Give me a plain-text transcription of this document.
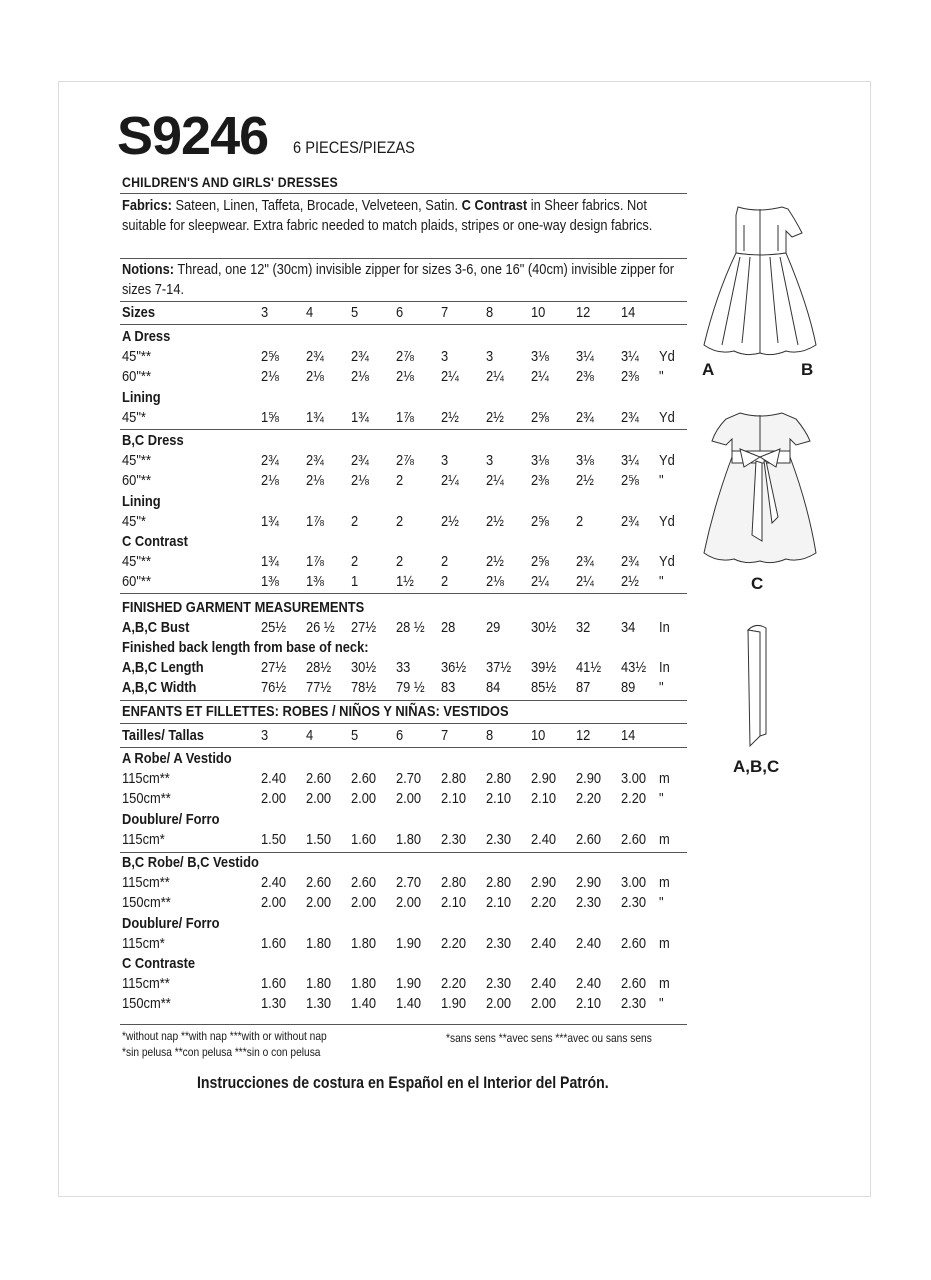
S9246 6 PIECES/PIEZAS
CHILDREN'S AND GIRLS' DRESSES
Fabrics: Sateen, Linen, Taffeta, Brocade, Velveteen, Satin. C Contrast in Sheer fabrics. Not suitable for sleepwear. Extra fabric needed to match plaids, stripes or one-way design fabrics.
Notions: Thread, one 12" (30cm) invisible zipper for sizes 3-6, one 16" (40cm) invisible zipper for sizes 7-14.
Sizes	3	4	5	6	7	8	10 12 14
A Dress
45"**	2⅝ 2¾ 2¾ 2⅞ 3	3	3⅛ 3¼ 3¼ Yd
60"**	2⅛ 2⅛ 2⅛ 2⅛ 2¼ 2¼ 2¼ 2⅜ 2⅜ "
Lining
45"*	1⅝ 1¾ 1¾ 1⅞ 2½ 2½ 2⅝ 2¾ 2¾ Yd
B,C Dress
45"**	2¾ 2¾ 2¾ 2⅞ 3	3	3⅛ 3⅛ 3¼ Yd
60"**	2⅛ 2⅛ 2⅛ 2	2¼ 2¼ 2⅜ 2½ 2⅝ "
Lining
45"*	1¾ 1⅞ 2	2	2½ 2½ 2⅝ 2	2¾ Yd
C Contrast
45"**	1¾ 1⅞ 2	2	2	2½ 2⅝ 2¾ 2¾ Yd
60"**	1⅜ 1⅜ 1	1½ 2	2⅛ 2¼ 2¼ 2½ "
FINISHED GARMENT MEASUREMENTS
A,B,C Bust	25½ 26 ½ 27½ 28 ½ 28 29 30½ 32 34 In
Finished back length from base of neck:
A,B,C Length	27½ 28½ 30½ 33 36½ 37½ 39½ 41½ 43½ In
A,B,C Width	76½ 77½ 78½ 79 ½ 83 84 85½ 87 89 "
ENFANTS ET FILLETTES: ROBES / NIÑOS Y NIÑAS: VESTIDOS
Tailles/ Tallas	3	4	5	6	7	8	10 12 14
A Robe/ A Vestido
115cm**	2.40 2.60 2.60 2.70 2.80 2.80 2.90 2.90 3.00 m
150cm**	2.00 2.00 2.00 2.00 2.10 2.10 2.10 2.20 2.20 "
Doublure/ Forro
115cm*	1.50 1.50 1.60 1.80 2.30 2.30 2.40 2.60 2.60 m
B,C Robe/ B,C Vestido
115cm**	2.40 2.60 2.60 2.70 2.80 2.80 2.90 2.90 3.00 m
150cm**	2.00 2.00 2.00 2.00 2.10 2.10 2.20 2.30 2.30 "
Doublure/ Forro
115cm*	1.60 1.80 1.80 1.90 2.20 2.30 2.40 2.40 2.60 m
C Contraste
115cm**	1.60 1.80 1.80 1.90 2.20 2.30 2.40 2.40 2.60 m
150cm**	1.30 1.30 1.40 1.40 1.90 2.00 2.00 2.10 2.30 "
*without nap **with nap ***with or without nap
*sin pelusa **con pelusa ***sin o con pelusa
*sans sens **avec sens ***avec ou sans sens
Instrucciones de costura en Español en el Interior del Patrón.
A	B
C
A,B,C
